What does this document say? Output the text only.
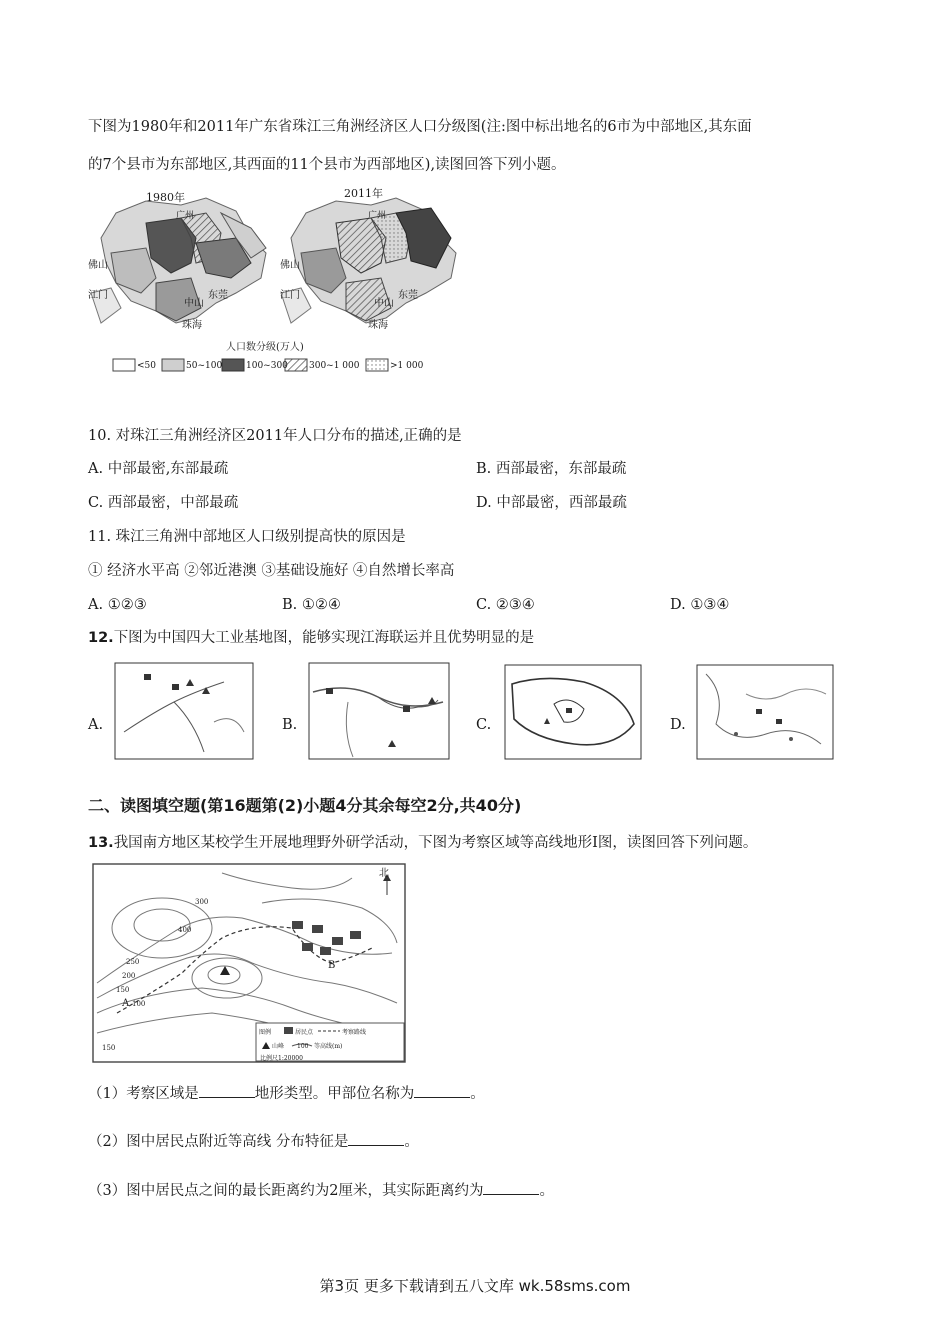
下图为1980年和2011年广东省珠江三角洲经济区人口分级图(注:图中标出地名的6市为中部地区,其东面
的7个县市为东部地区,其西面的11个县市为西部地区),读图回答下列小题。
1980年	2011年
广州	广州
佛山	佛山
江门	江门
中山	中山
东莞	东莞
珠海	珠海
人口数分级(万人)
<50	50~100	100~300 300~1 000	>1 000
10. 对珠江三角洲经济区2011年人口分布的描述,正确的是
A. 中部最密,东部最疏	B. 西部最密，东部最疏
C. 西部最密，中部最疏	D. 中部最密，西部最疏
11. 珠江三角洲中部地区人口级别提高快的原因是
① 经济水平高 ②邻近港澳 ③基础设施好 ④自然增长率高
A. ①②③	B. ①②④	C. ②③④	D. ①③④
12.下图为中国四大工业基地图，能够实现江海联运并且优势明显的是
A.	B.	C.	D.
二、读图填空题(第16题第(2)小题4分其余每空2分,共40分)
13.我国南方地区某校学生开展地理野外研学活动，下图为考察区域等高线地形Ⅰ图，读图回答下列问题。
北
300
400
250
200
150
100
150
A
B
图例	居民点	考察路线
山峰 100 等高线(m)
比例尺1:20000
（1）考察区域是	地形类型。甲部位名称为	。
（2）图中居民点附近等高线 分布特征是	。
（3）图中居民点之间的最长距离约为2厘米，其实际距离约为	。
第3页 更多下载请到五八文库 wk.58sms.com
